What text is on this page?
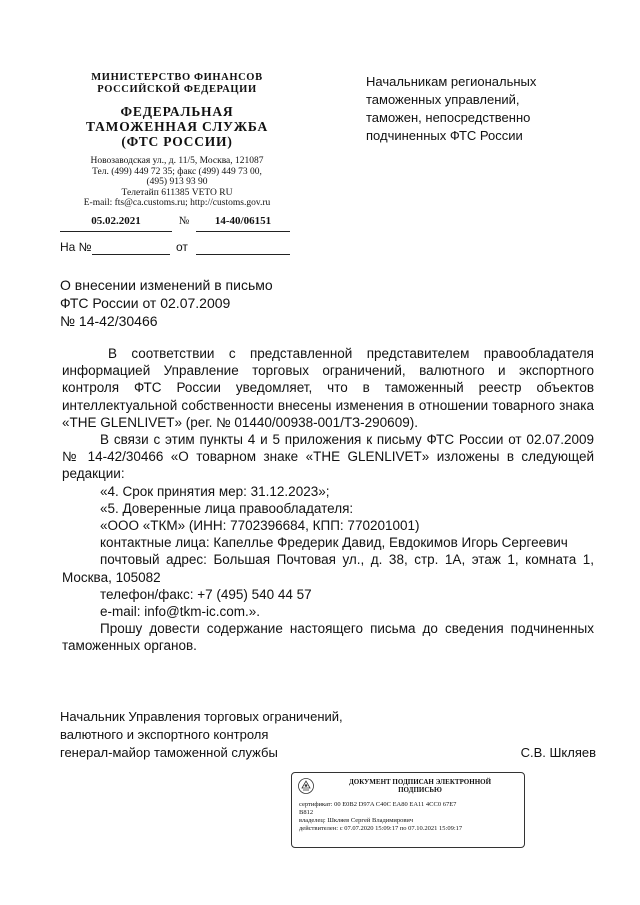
МИНИСТЕРСТВО ФИНАНСОВ
РОССИЙСКОЙ ФЕДЕРАЦИИ
ФЕДЕРАЛЬНАЯ
ТАМОЖЕННАЯ СЛУЖБА
(ФТС РОССИИ)
Новозаводская ул., д. 11/5, Москва, 121087
Тел. (499) 449 72 35; факс (499) 449 73 00,
(495) 913 93 90
Телетайп 611385 VETO RU
E-mail: fts@ca.customs.ru; http://customs.gov.ru
05.02.2021	№	14-40/06151
На №	от
Начальникам региональных
таможенных управлений,
таможен, непосредственно
подчиненных ФТС России
О внесении изменений в письмо
ФТС России от 02.07.2009
№ 14-42/30466

В соответствии с представленной представителем правообладателя информацией Управление торговых ограничений, валютного и экспортного контроля ФТС России уведомляет, что в таможенный реестр объектов интеллектуальной собственности внесены изменения в отношении товарного знака «THE GLENLIVET» (рег. № 01440/00938-001/ТЗ-290609).

В связи с этим пункты 4 и 5 приложения к письму ФТС России от 02.07.2009 № 14-42/30466 «О товарном знаке «THE GLENLIVET» изложены в следующей редакции:

«4. Срок принятия мер: 31.12.2023»;

«5. Доверенные лица правообладателя:

«ООО «ТКМ» (ИНН: 7702396684, КПП: 770201001)

контактные лица: Капеллье Фредерик Давид, Евдокимов Игорь Сергеевич

почтовый адрес: Большая Почтовая ул., д. 38, стр. 1А, этаж 1, комната 1, Москва, 105082

телефон/факс: +7 (495) 540 44 57

e-mail: info@tkm-ic.com.».

Прошу довести содержание настоящего письма до сведения подчиненных таможенных органов.

Начальник Управления торговых ограничений,
валютного и экспортного контроля
генерал-майор таможенной службы	С.В. Шкляев
ДОКУМЕНТ ПОДПИСАН ЭЛЕКТРОННОЙ
ПОДПИСЬЮ
сертификат: 00 E0B2 D97A C40C EA80 EA11 4CC0 67E7
B812
владелец: Шкляев Сергей Владимирович
действителен: с 07.07.2020 15:09:17 по 07.10.2021 15:09:17
